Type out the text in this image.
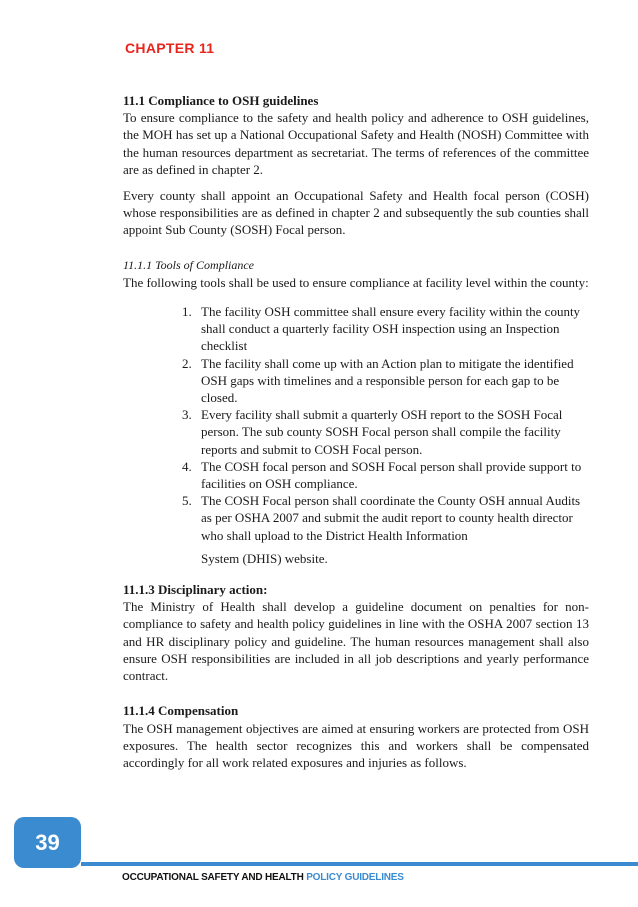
CHAPTER 11

11.1 Compliance to OSH guidelines

To ensure compliance to the safety and health policy and adherence to OSH guidelines, the MOH has set up a National Occupational Safety and Health (NOSH) Committee with the human resources department as secretariat. The terms of references of the committee are as defined in chapter 2.

Every county shall appoint an Occupational Safety and Health focal person (COSH) whose responsibilities are as defined in chapter 2 and subsequently the sub counties shall appoint Sub County (SOSH) Focal person.

11.1.1 Tools of Compliance

The following tools shall be used to ensure compliance at facility level within the county:

1. The facility OSH committee shall ensure every facility within the county shall conduct a quarterly facility OSH inspection using an Inspection checklist
2. The facility shall come up with an Action plan to mitigate the identified OSH gaps with timelines and a responsible person for each gap to be closed.
3. Every facility shall submit a quarterly OSH report to the SOSH Focal person. The sub county SOSH Focal person shall compile the facility reports and submit to COSH Focal person.
4. The COSH focal person and SOSH Focal person shall provide support to facilities on OSH compliance.
5. The COSH Focal person shall coordinate the County OSH annual Audits as per OSHA 2007 and submit the audit report to county health director who shall upload to the District Health Information
System (DHIS) website.

11.1.3 Disciplinary action:

The Ministry of Health shall develop a guideline document on penalties for non-compliance to safety and health policy guidelines in line with the OSHA 2007 section 13 and HR disciplinary policy and guideline. The human resources management shall also ensure OSH responsibilities are included in all job descriptions and yearly performance contract.

11.1.4 Compensation

The OSH management objectives are aimed at ensuring workers are protected from OSH exposures. The health sector recognizes this and workers shall be compensated accordingly for all work related exposures and injuries as follows.

39
OCCUPATIONAL SAFETY AND HEALTH POLICY GUIDELINES
